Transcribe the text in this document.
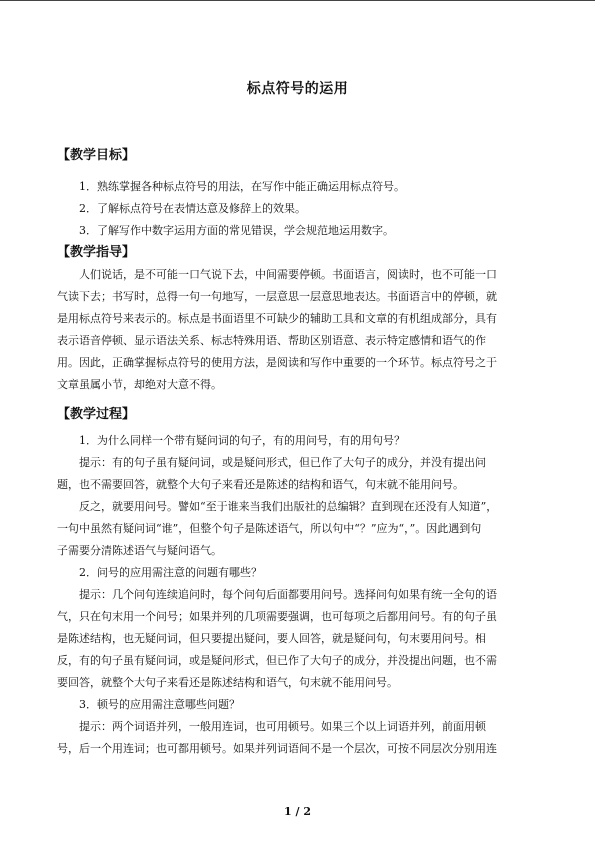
标点符号的运用
【教学目标】
1．熟练掌握各种标点符号的用法，在写作中能正确运用标点符号。
2．了解标点符号在表情达意及修辞上的效果。
3．了解写作中数字运用方面的常见错误，学会规范地运用数字。
【教学指导】
人们说话，是不可能一口气说下去，中间需要停顿。书面语言，阅读时，也不可能一口
气读下去；书写时，总得一句一句地写，一层意思一层意思地表达。书面语言中的停顿，就
是用标点符号来表示的。标点是书面语里不可缺少的辅助工具和文章的有机组成部分，具有
表示语音停顿、显示语法关系、标志特殊用语、帮助区别语意、表示特定感情和语气的作
用。因此，正确掌握标点符号的使用方法，是阅读和写作中重要的一个环节。标点符号之于
文章虽属小节，却绝对大意不得。
【教学过程】
1．为什么同样一个带有疑问词的句子，有的用问号，有的用句号？
提示：有的句子虽有疑问词，或是疑问形式，但已作了大句子的成分，并没有提出问
题，也不需要回答，就整个大句子来看还是陈述的结构和语气，句末就不能用问号。
反之，就要用问号。譬如“至于谁来当我们出版社的总编辑？直到现在还没有人知道”，
一句中虽然有疑问词“谁”，但整个句子是陈述语气，所以句中“？”应为“，”。因此遇到句
子需要分清陈述语气与疑问语气。
2．问号的应用需注意的问题有哪些？
提示：几个问句连续追问时，每个问句后面都要用问号。选择问句如果有统一全句的语
气，只在句末用一个问号；如果并列的几项需要强调，也可每项之后都用问号。有的句子虽
是陈述结构，也无疑问词，但只要提出疑问，要人回答，就是疑问句，句末要用问号。相
反，有的句子虽有疑问词，或是疑问形式，但已作了大句子的成分，并没提出问题，也不需
要回答，就整个大句子来看还是陈述结构和语气，句末就不能用问号。
3．顿号的应用需注意哪些问题？
提示：两个词语并列，一般用连词，也可用顿号。如果三个以上词语并列，前面用顿
号，后一个用连词；也可都用顿号。如果并列词语间不是一个层次，可按不同层次分别用连
1 / 2
